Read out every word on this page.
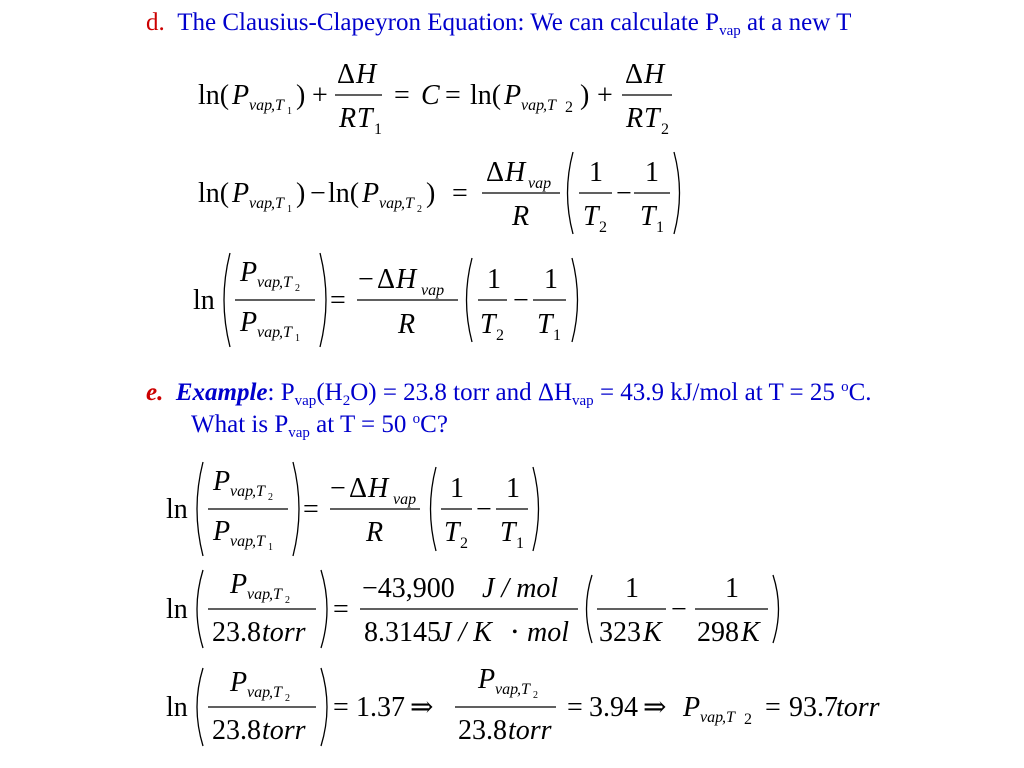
d. The Clausius-Clapeyron Equation: We can calculate $P_{vap}$ at a new T
e. Example: $P_{vap}(H_2O) = 23.8$ torr and $\Delta H_{vap} = 43.9$ kJ/mol at T = 25 $^o$C.
What is $P_{vap}$ at T = 50 $^o$C?
ln( P vap
,T 1
) +
Δ H
R T 1
= C = ln( P vap
,T 2 ) +
Δ H
R T 2
ln( P vap
,T 1
) − ln( P vap
,T 2
) =
Δ H vap
R
1
T 2
−
1
T 1
ln
P vap
,T 2
P vap
,T 1
=
− Δ H vap
R
1
T 2
−
1
T 1
ln
P vap
,T 2
P vap
,T 1
=
− Δ H vap
R
1
T 2
−
1
T 1
ln
P vap
,T 2
23.8 torr
=
−43,900 J / mol
8.3145
J / K • mol
1
323 K
−
1
298 K
ln
P vap
,T 2
23.8 torr
= 1.37 ⇒
P vap
,T 2
23.8 torr
= 3.94 ⇒ P vap
,T 2 = 93.7
torr
